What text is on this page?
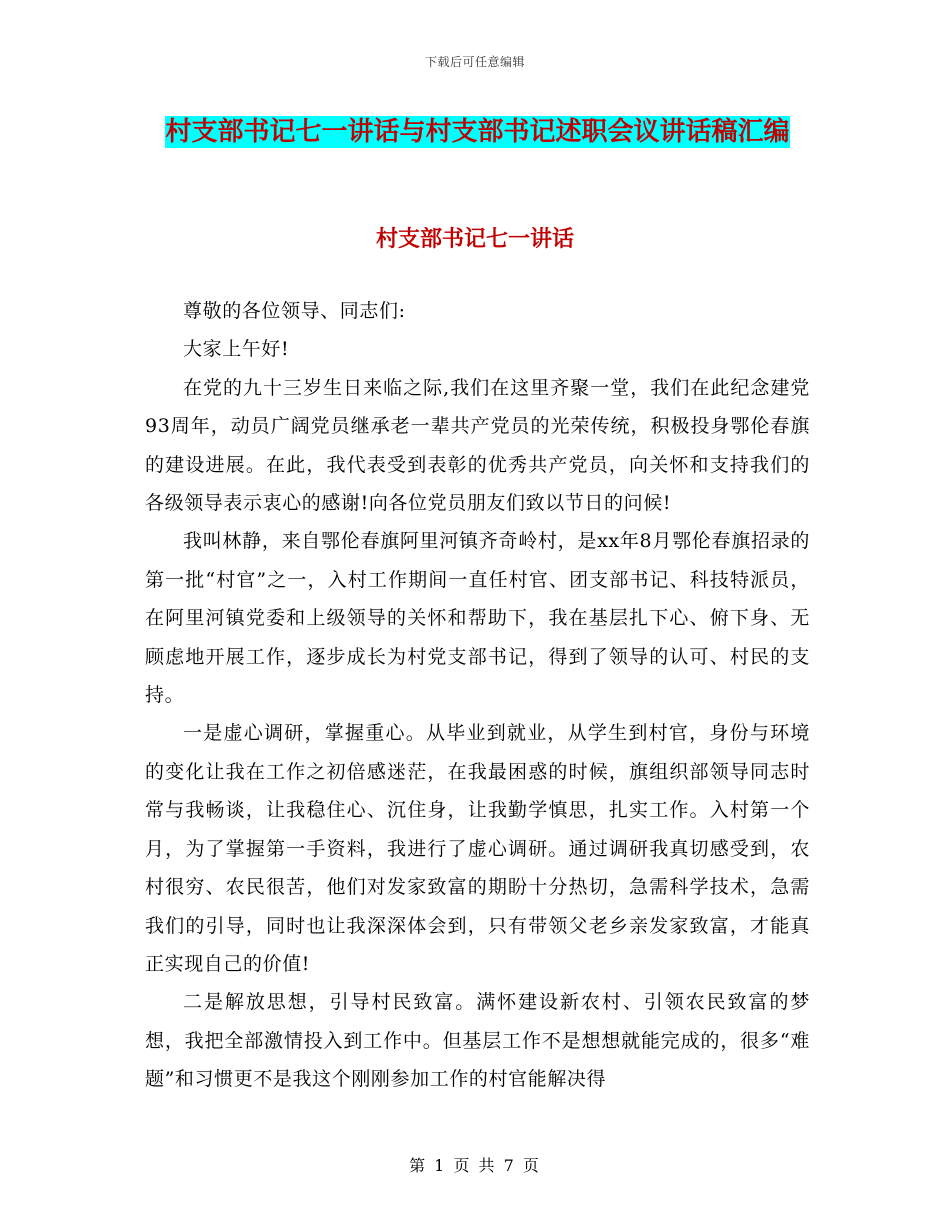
下载后可任意编辑
村支部书记七一讲话与村支部书记述职会议讲话稿汇编
村支部书记七一讲话

尊敬的各位领导、同志们:

大家上午好!

在党的九十三岁生日来临之际,我们在这里齐聚一堂，我们在此纪念建党93周年，动员广阔党员继承老一辈共产党员的光荣传统，积极投身鄂伦春旗的建设进展。在此，我代表受到表彰的优秀共产党员，向关怀和支持我们的各级领导表示衷心的感谢!向各位党员朋友们致以节日的问候!

我叫林静，来自鄂伦春旗阿里河镇齐奇岭村，是xx年8月鄂伦春旗招录的第一批“村官”之一，入村工作期间一直任村官、团支部书记、科技特派员，在阿里河镇党委和上级领导的关怀和帮助下，我在基层扎下心、俯下身、无顾虑地开展工作，逐步成长为村党支部书记，得到了领导的认可、村民的支持。

一是虚心调研，掌握重心。从毕业到就业，从学生到村官，身份与环境的变化让我在工作之初倍感迷茫，在我最困惑的时候，旗组织部领导同志时常与我畅谈，让我稳住心、沉住身，让我勤学慎思，扎实工作。入村第一个月，为了掌握第一手资料，我进行了虚心调研。通过调研我真切感受到，农村很穷、农民很苦，他们对发家致富的期盼十分热切，急需科学技术，急需我们的引导，同时也让我深深体会到，只有带领父老乡亲发家致富，才能真正实现自己的价值!

二是解放思想，引导村民致富。满怀建设新农村、引领农民致富的梦想，我把全部激情投入到工作中。但基层工作不是想想就能完成的，很多“难题”和习惯更不是我这个刚刚参加工作的村官能解决得

第 1 页 共 7 页
